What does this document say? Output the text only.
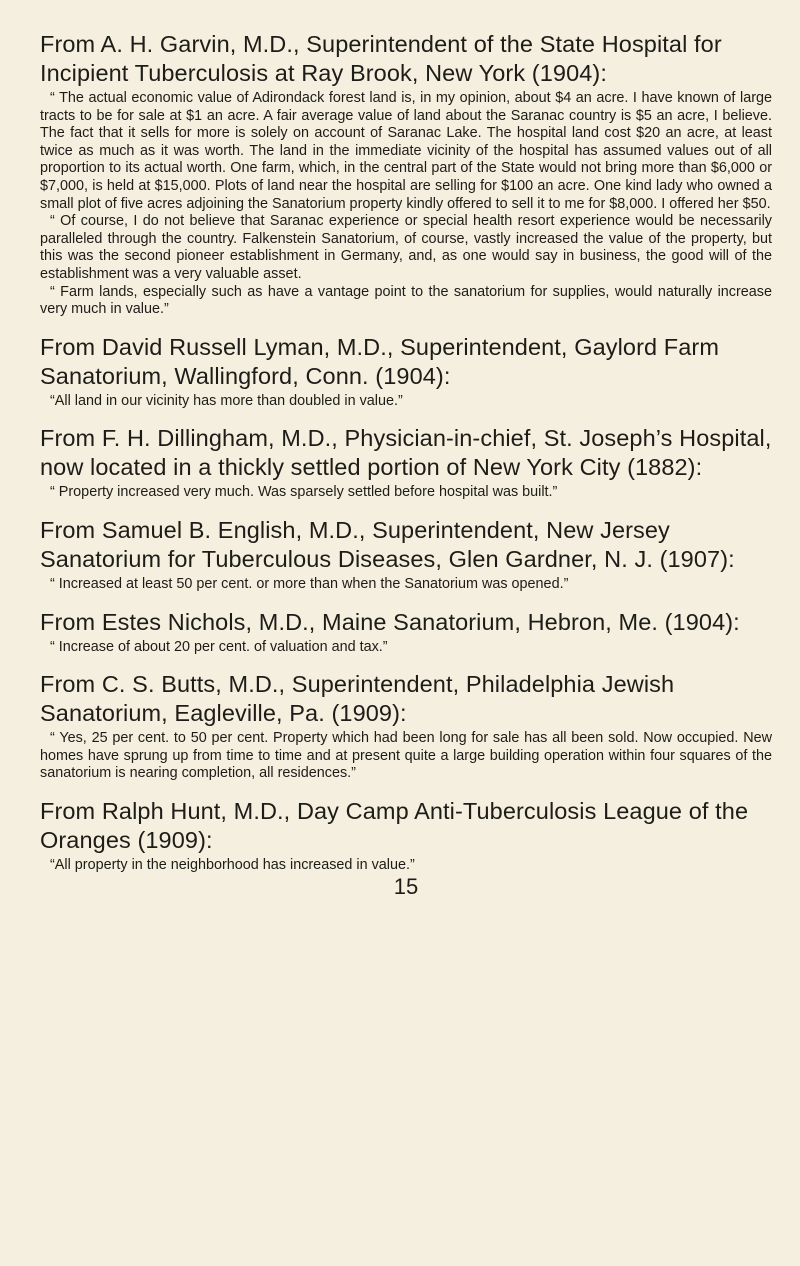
From A. H. Garvin, M.D., Superintendent of the State Hospital for Incipient Tuberculosis at Ray Brook, New York (1904):

“ The actual economic value of Adirondack forest land is, in my opinion, about $4 an acre. I have known of large tracts to be for sale at $1 an acre. A fair average value of land about the Saranac country is $5 an acre, I believe. The fact that it sells for more is solely on account of Saranac Lake. The hospital land cost $20 an acre, at least twice as much as it was worth. The land in the immediate vicinity of the hospital has assumed values out of all proportion to its actual worth. One farm, which, in the central part of the State would not bring more than $6,000 or $7,000, is held at $15,000. Plots of land near the hospital are selling for $100 an acre. One kind lady who owned a small plot of five acres adjoining the Sanatorium property kindly offered to sell it to me for $8,000. I offered her $50.

“ Of course, I do not believe that Saranac experience or special health resort experience would be necessarily paralleled through the country. Falkenstein Sanatorium, of course, vastly increased the value of the property, but this was the second pioneer establishment in Germany, and, as one would say in business, the good will of the establishment was a very valuable asset.

“ Farm lands, especially such as have a vantage point to the sanatorium for supplies, would naturally increase very much in value.”

From David Russell Lyman, M.D., Superintendent, Gaylord Farm Sanatorium, Wallingford, Conn. (1904):

“All land in our vicinity has more than doubled in value.”

From F. H. Dillingham, M.D., Physician-in-chief, St. Joseph’s Hospital, now located in a thickly settled portion of New York City (1882):

“ Property increased very much. Was sparsely settled before hospital was built.”

From Samuel B. English, M.D., Superintendent, New Jersey Sanatorium for Tuberculous Diseases, Glen Gardner, N. J. (1907):

“ Increased at least 50 per cent. or more than when the Sanatorium was opened.”

From Estes Nichols, M.D., Maine Sanatorium, Hebron, Me. (1904):

“ Increase of about 20 per cent. of valuation and tax.”

From C. S. Butts, M.D., Superintendent, Philadelphia Jewish Sanatorium, Eagleville, Pa. (1909):

“ Yes, 25 per cent. to 50 per cent. Property which had been long for sale has all been sold. Now occupied. New homes have sprung up from time to time and at present quite a large building operation within four squares of the sanatorium is nearing completion, all residences.”

From Ralph Hunt, M.D., Day Camp Anti-Tuberculosis League of the Oranges (1909):

“All property in the neighborhood has increased in value.”

15
